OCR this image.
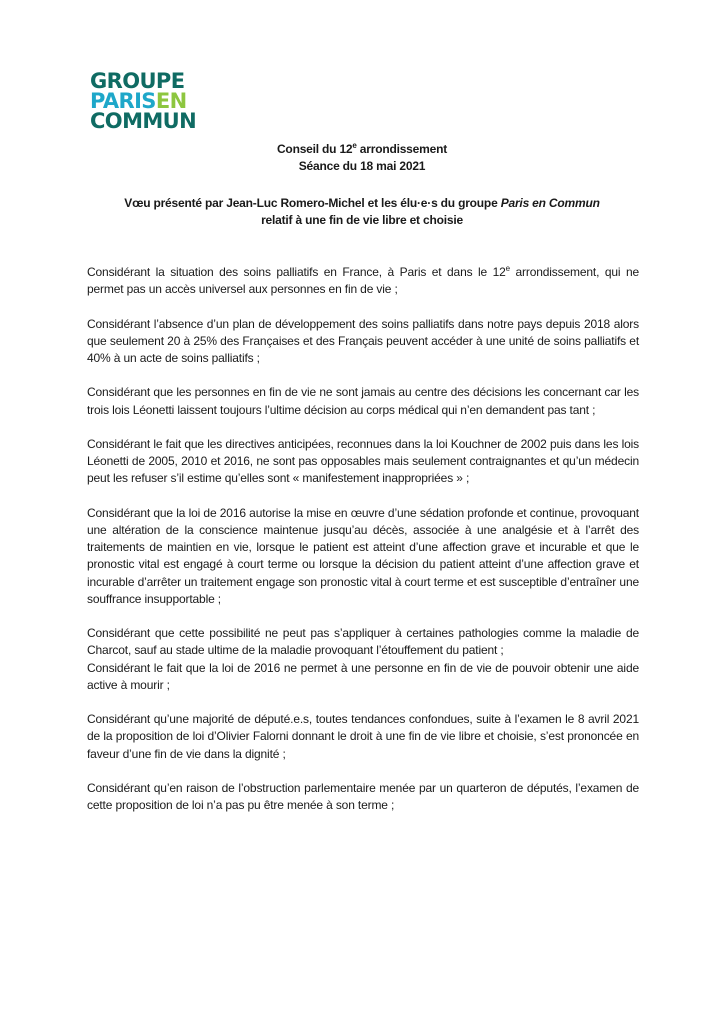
GROUPE
PARISEN
COMMUN
Conseil du 12e arrondissement
Séance du 18 mai 2021
Vœu présenté par Jean-Luc Romero-Michel et les élu·e·s du groupe Paris en Commun
relatif à une fin de vie libre et choisie

Considérant la situation des soins palliatifs en France, à Paris et dans le 12e arrondissement, qui ne permet pas un accès universel aux personnes en fin de vie ;

Considérant l’absence d’un plan de développement des soins palliatifs dans notre pays depuis 2018 alors que seulement 20 à 25% des Françaises et des Français peuvent accéder à une unité de soins palliatifs et 40% à un acte de soins palliatifs ;

Considérant que les personnes en fin de vie ne sont jamais au centre des décisions les concernant car les trois lois Léonetti laissent toujours l’ultime décision au corps médical qui n’en demandent pas tant ;

Considérant le fait que les directives anticipées, reconnues dans la loi Kouchner de 2002 puis dans les lois Léonetti de 2005, 2010 et 2016, ne sont pas opposables mais seulement contraignantes et qu’un médecin peut les refuser s’il estime qu’elles sont « manifestement inappropriées » ;

Considérant que la loi de 2016 autorise la mise en œuvre d’une sédation profonde et continue, provoquant une altération de la conscience maintenue jusqu’au décès, associée à une analgésie et à l’arrêt des traitements de maintien en vie, lorsque le patient est atteint d’une affection grave et incurable et que le pronostic vital est engagé à court terme ou lorsque la décision du patient atteint d’une affection grave et incurable d’arrêter un traitement engage son pronostic vital à court terme et est susceptible d’entraîner une souffrance insupportable ;

Considérant que cette possibilité ne peut pas s’appliquer à certaines pathologies comme la maladie de Charcot, sauf au stade ultime de la maladie provoquant l’étouffement du patient ;

Considérant le fait que la loi de 2016 ne permet à une personne en fin de vie de pouvoir obtenir une aide active à mourir ;

Considérant qu’une majorité de député.e.s, toutes tendances confondues, suite à l’examen le 8 avril 2021 de la proposition de loi d’Olivier Falorni donnant le droit à une fin de vie libre et choisie, s’est prononcée en faveur d’une fin de vie dans la dignité ;

Considérant qu’en raison de l’obstruction parlementaire menée par un quarteron de députés, l’examen de cette proposition de loi n’a pas pu être menée à son terme ;
